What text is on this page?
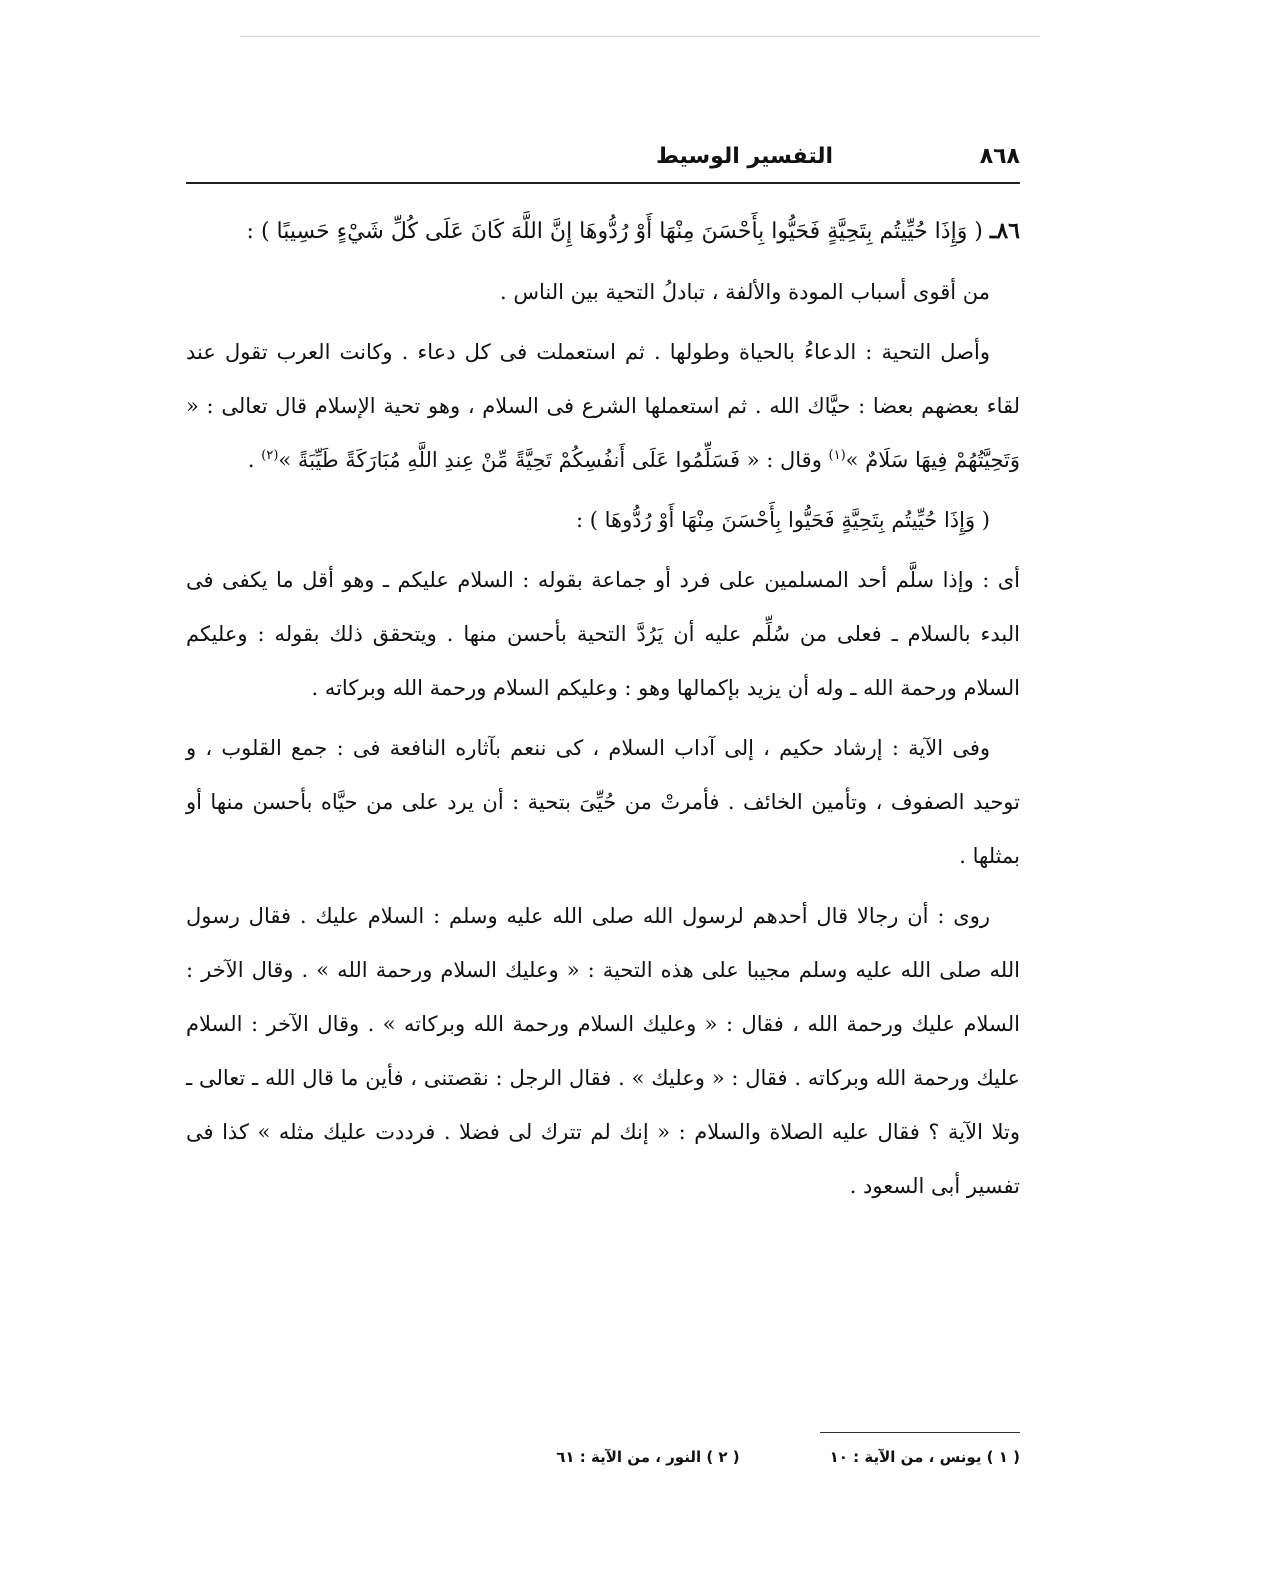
التفسير الوسيط	٨٦٨

٨٦ـ ( وَإِذَا حُيِّيتُم بِتَحِيَّةٍ فَحَيُّوا بِأَحْسَنَ مِنْهَا أَوْ رُدُّوهَا إِنَّ اللَّهَ كَانَ عَلَى كُلِّ شَيْءٍ حَسِيبًا ) :

من أقوى أسباب المودة والألفة ، تبادلُ التحية بين الناس .

وأصل التحية : الدعاءُ بالحياة وطولها . ثم استعملت فى كل دعاء . وكانت العرب تقول عند لقاء بعضهم بعضا : حيَّاك الله . ثم استعملها الشرع فى السلام ، وهو تحية الإسلام قال تعالى : « وَتَحِيَّتُهُمْ فِيهَا سَلَامٌ »$^{(١)}$ وقال : « فَسَلِّمُوا عَلَى أَنفُسِكُمْ تَحِيَّةً مِّنْ عِندِ اللَّهِ مُبَارَكَةً طَيِّبَةً »$^{(٢)}$ .

( وَإِذَا حُيِّيتُم بِتَحِيَّةٍ فَحَيُّوا بِأَحْسَنَ مِنْهَا أَوْ رُدُّوهَا ) :

أى : وإذا سلَّم أحد المسلمين على فرد أو جماعة بقوله : السلام عليكم ـ وهو أقل ما يكفى فى البدء بالسلام ـ فعلى من سُلِّم عليه أن يَرُدَّ التحية بأحسن منها . ويتحقق ذلك بقوله : وعليكم السلام ورحمة الله ـ وله أن يزيد بإكمالها وهو : وعليكم السلام ورحمة الله وبركاته .

وفى الآية : إرشاد حكيم ، إلى آداب السلام ، كى ننعم بآثاره النافعة فى : جمع القلوب ، و توحيد الصفوف ، وتأمين الخائف . فأمرتْ من حُيِّىَ بتحية : أن يرد على من حيَّاه بأحسن منها أو بمثلها .

روى : أن رجالا قال أحدهم لرسول الله صلى الله عليه وسلم : السلام عليك . فقال رسول الله صلى الله عليه وسلم مجيبا على هذه التحية : « وعليك السلام ورحمة الله » . وقال الآخر : السلام عليك ورحمة الله ، فقال : « وعليك السلام ورحمة الله وبركاته » . وقال الآخر : السلام عليك ورحمة الله وبركاته . فقال : « وعليك » . فقال الرجل : نقصتنى ، فأين ما قال الله ـ تعالى ـ وتلا الآية ؟ فقال عليه الصلاة والسلام : « إنك لم تترك لى فضلا . فرددت عليك مثله » كذا فى تفسير أبى السعود .

( ١ ) يونس ، من الآية : ١٠
( ٢ ) النور ، من الآية : ٦١
